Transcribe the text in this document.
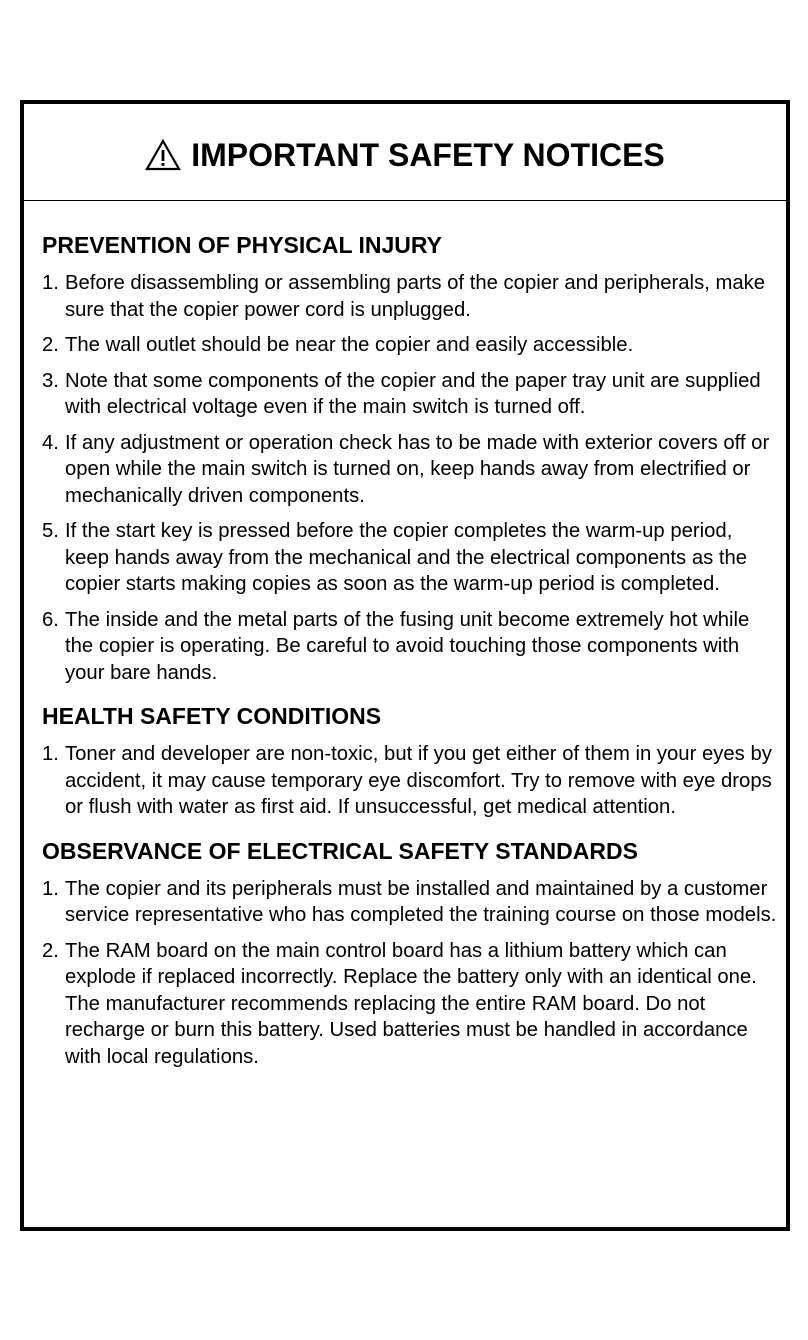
IMPORTANT SAFETY NOTICES
PREVENTION OF PHYSICAL INJURY
1. Before disassembling or assembling parts of the copier and peripherals, make sure that the copier power cord is unplugged.
2. The wall outlet should be near the copier and easily accessible.
3. Note that some components of the copier and the paper tray unit are supplied with electrical voltage even if the main switch is turned off.
4. If any adjustment or operation check has to be made with exterior covers off or open while the main switch is turned on, keep hands away from electrified or mechanically driven components.
5. If the start key is pressed before the copier completes the warm-up period, keep hands away from the mechanical and the electrical components as the copier starts making copies as soon as the warm-up period is completed.
6. The inside and the metal parts of the fusing unit become extremely hot while the copier is operating. Be careful to avoid touching those components with your bare hands.
HEALTH SAFETY CONDITIONS
1. Toner and developer are non-toxic, but if you get either of them in your eyes by accident, it may cause temporary eye discomfort. Try to remove with eye drops or flush with water as first aid. If unsuccessful, get medical attention.
OBSERVANCE OF ELECTRICAL SAFETY STANDARDS
1. The copier and its peripherals must be installed and maintained by a customer service representative who has completed the training course on those models.
2. The RAM board on the main control board has a lithium battery which can explode if replaced incorrectly. Replace the battery only with an identical one. The manufacturer recommends replacing the entire RAM board. Do not recharge or burn this battery. Used batteries must be handled in accordance with local regulations.
